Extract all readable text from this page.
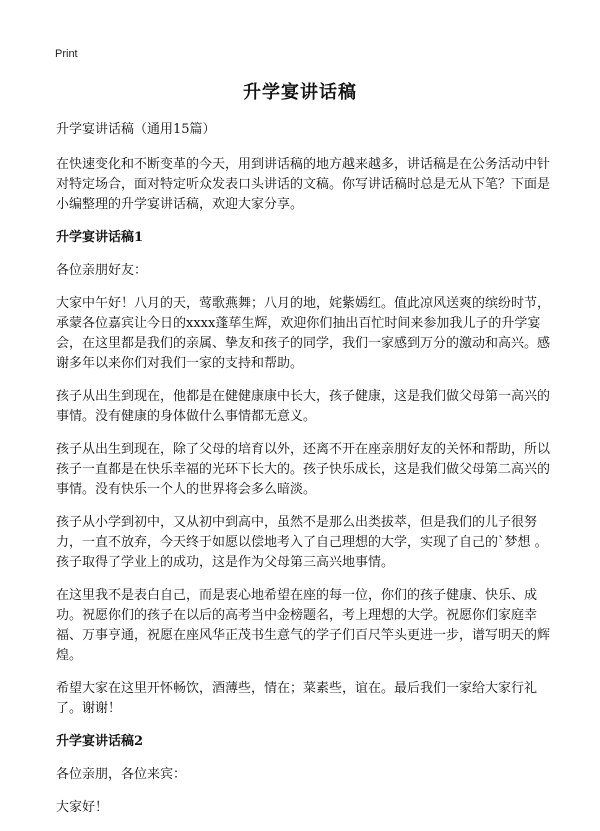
Print
升学宴讲话稿

升学宴讲话稿（通用15篇）

在快速变化和不断变革的今天，用到讲话稿的地方越来越多，讲话稿是在公务活动中针对特定场合，面对特定听众发表口头讲话的文稿。你写讲话稿时总是无从下笔？下面是小编整理的升学宴讲话稿，欢迎大家分享。

升学宴讲话稿1

各位亲朋好友：

大家中午好！八月的天，莺歌燕舞；八月的地，姹紫嫣红。值此凉风送爽的缤纷时节，承蒙各位嘉宾让今日的xxxx蓬荜生辉，欢迎你们抽出百忙时间来参加我儿子的升学宴会，在这里都是我们的亲属、挚友和孩子的同学，我们一家感到万分的激动和高兴。感谢多年以来你们对我们一家的支持和帮助。

孩子从出生到现在，他都是在健健康康中长大，孩子健康，这是我们做父母第一高兴的事情。没有健康的身体做什么事情都无意义。

孩子从出生到现在，除了父母的培育以外，还离不开在座亲朋好友的关怀和帮助，所以孩子一直都是在快乐幸福的光环下长大的。孩子快乐成长，这是我们做父母第二高兴的事情。没有快乐一个人的世界将会多么暗淡。

孩子从小学到初中，又从初中到高中，虽然不是那么出类拔萃，但是我们的儿子很努力，一直不放弃，今天终于如愿以偿地考入了自己理想的大学，实现了自己的`梦想 。孩子取得了学业上的成功，这是作为父母第三高兴地事情。

在这里我不是表白自己，而是衷心地希望在座的每一位，你们的孩子健康、快乐、成功。祝愿你们的孩子在以后的高考当中金榜题名，考上理想的大学。祝愿你们家庭幸福、万事亨通，祝愿在座风华正茂书生意气的学子们百尺竿头更进一步，谱写明天的辉煌。

希望大家在这里开怀畅饮，酒薄些，情在；菜素些，谊在。最后我们一家给大家行礼了。谢谢！

升学宴讲话稿2

各位亲朋，各位来宾：

大家好！
